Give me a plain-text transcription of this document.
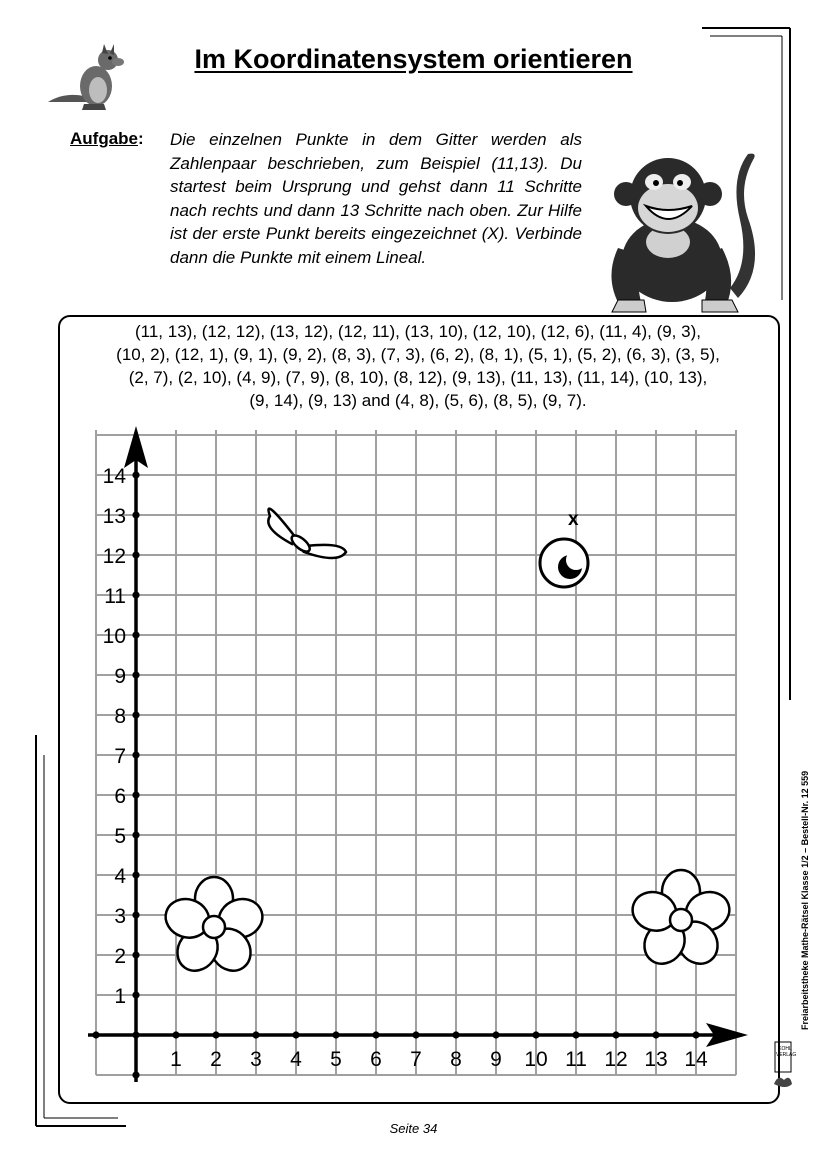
Im Koordinatensystem orientieren
Aufgabe: Die einzelnen Punkte in dem Gitter werden als Zahlenpaar beschrieben, zum Beispiel (11,13). Du startest beim Ursprung und gehst dann 11 Schritte nach rechts und dann 13 Schritte nach oben. Zur Hilfe ist der erste Punkt bereits eingezeichnet (X). Verbinde dann die Punkte mit einem Lineal.
(11, 13), (12, 12), (13, 12), (12, 11), (13, 10), (12, 10), (12, 6), (11, 4), (9, 3),
(10, 2), (12, 1), (9, 1), (9, 2), (8, 3), (7, 3), (6, 2), (8, 1), (5, 1), (5, 2), (6, 3), (3, 5),
(2, 7), (2, 10), (4, 9), (7, 9), (8, 10), (8, 12), (9, 13), (11, 13), (11, 14), (10, 13),
(9, 14), (9, 13) and (4, 8), (5, 6), (8, 5), (9, 7).
1 2 3 4 5 6 7 8 9 10 11 12 13 14
1
2
3
4
5
6
7
8
9
10
11
12
13
14
x
Seite 34
Freiarbeitstheke Mathe-Rätsel Klasse 1/2 – Bestell-Nr. 12 559
KOHL VERLAG
